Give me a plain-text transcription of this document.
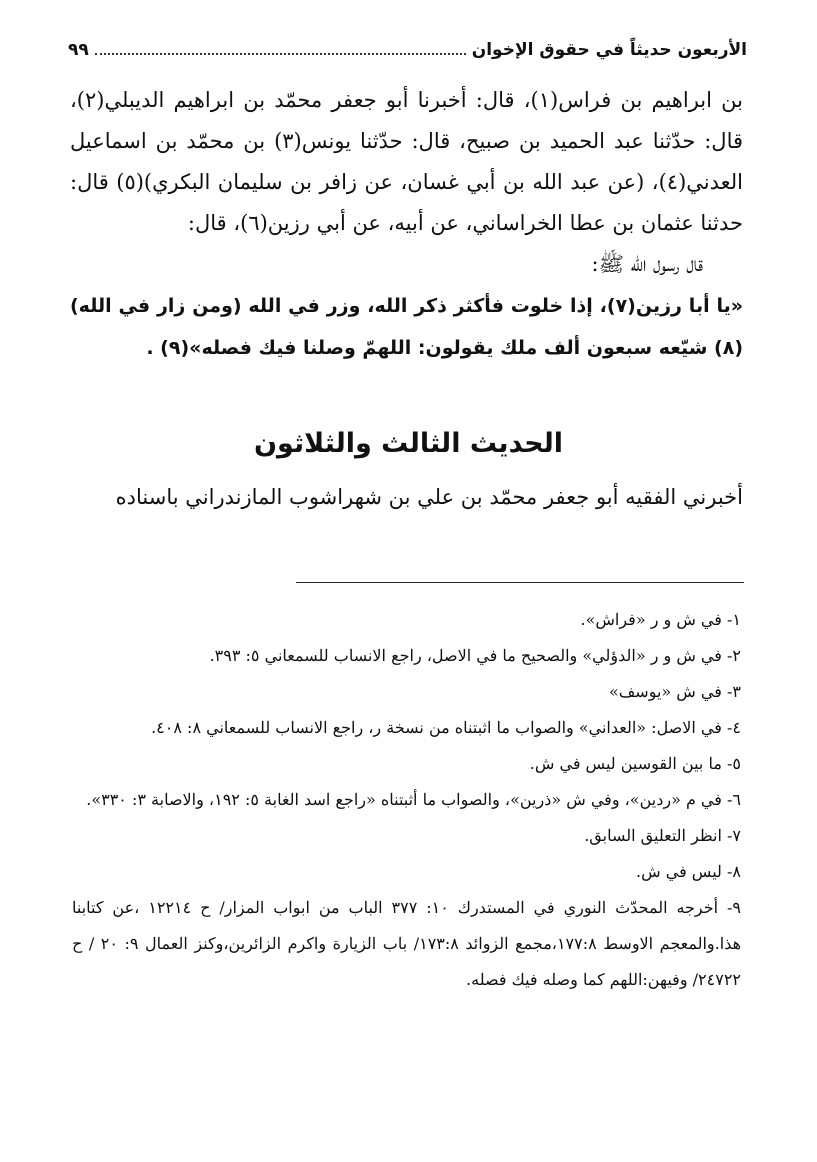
الأربعون حديثاً في حقوق الإخوان
٩٩

بن ابراهيم بن فراس(١)، قال: أخبرنا أبو جعفر محمّد بن ابراهيم الديبلي(٢)، قال: حدّثنا عبد الحميد بن صبيح، قال: حدّثنا يونس(٣) بن محمّد بن اسماعيل العدني(٤)، (عن عبد الله بن أبي غسان، عن زافر بن سليمان البكري)(٥) قال: حدثنا عثمان بن عطا الخراساني، عن أبيه، عن أبي رزين(٦)، قال:

قال رسول الله ﷺ:

«يا أبا رزين(٧)، إذا خلوت فأكثر ذكر الله، وزر في الله (ومن زار في الله)(٨) شيّعه سبعون ألف ملك يقولون: اللهمّ وصلنا فيك فصله»(٩) .

الحديث الثالث والثلاثون
أخبرني الفقيه أبو جعفر محمّد بن علي بن شهراشوب المازندراني باسناده
١- في ش و ر «فراش».
٢- في ش و ر «الدؤلي» والصحيح ما في الاصل، راجع الانساب للسمعاني ٥: ٣٩٣.
٣- في ش «يوسف»
٤- في الاصل: «العداني» والصواب ما اثبتناه من نسخة ر، راجع الانساب للسمعاني ٨: ٤٠٨.
٥- ما بين القوسين ليس في ش.
٦- في م «ردين»، وفي ش «ذرين»، والصواب ما أثبتناه «راجع اسد الغابة ٥: ١٩٢، والاصابة ٣: ٣٣٠».
٧- انظر التعليق السابق.
٨- ليس في ش.
٩- أخرجه المحدّث النوري في المستدرك ١٠: ٣٧٧ الباب من ابواب المزار/ ح ١٢٢١٤ ،عن كتابنا هذا.والمعجم الاوسط ١٧٧:٨،مجمع الزوائد ١٧٣:٨/ باب الزيارة واكرم الزائرين،وكنز العمال ٩: ٢٠ / ح ٢٤٧٢٢/ وفيهن:اللهم كما وصله فيك فصله.
